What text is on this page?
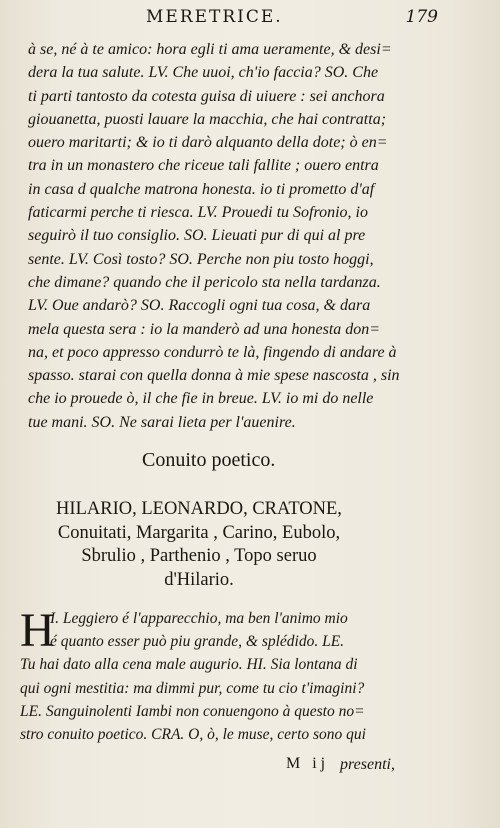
MERETRICE.	179
à se, né à te amico: hora egli ti ama ueramente, & desi=
dera la tua salute. LV. Che uuoi, ch'io faccia? SO. Che
ti parti tantosto da cotesta guisa di uiuere : sei anchora
giouanetta, puosti lauare la macchia, che hai contratta;
ouero maritarti; & io ti darò alquanto della dote; ò en=
tra in un monastero che riceue tali fallite ; ouero entra
in casa d qualche matrona honesta. io ti prometto d'af
faticarmi perche ti riesca. LV. Prouedi tu Sofronio, io
seguirò il tuo consiglio. SO. Lieuati pur di qui al pre
sente. LV. Così tosto? SO. Perche non piu tosto hoggi,
che dimane? quando che il pericolo sta nella tardanza.
LV. Oue andarò? SO. Raccogli ogni tua cosa, & dara
mela questa sera : io la manderò ad una honesta don=
na, et poco appresso condurrò te là, fingendo di andare à
spasso. starai con quella donna à mie spese nascosta , sin
che io prouede ò, il che fie in breue. LV. io mi do nelle
tue mani. SO. Ne sarai lieta per l'auenire.
Conuito poetico.
HILARIO, LEONARDO, CRATONE,
Conuitati, Margarita , Carino, Eubolo,
Sbrulio , Parthenio , Topo seruo
d'Hilario.
H
I. Leggiero é l'apparecchio, ma ben l'animo mio
é quanto esser può piu grande, & splédido. LE.
Tu hai dato alla cena male augurio. HI. Sia lontana di
qui ogni mestitia: ma dimmi pur, come tu cio t'imagini?
LE. Sanguinolenti Iambi non conuengono à questo no=
stro conuito poetico. CRA. O, ò, le muse, certo sono qui
M ij presenti,
